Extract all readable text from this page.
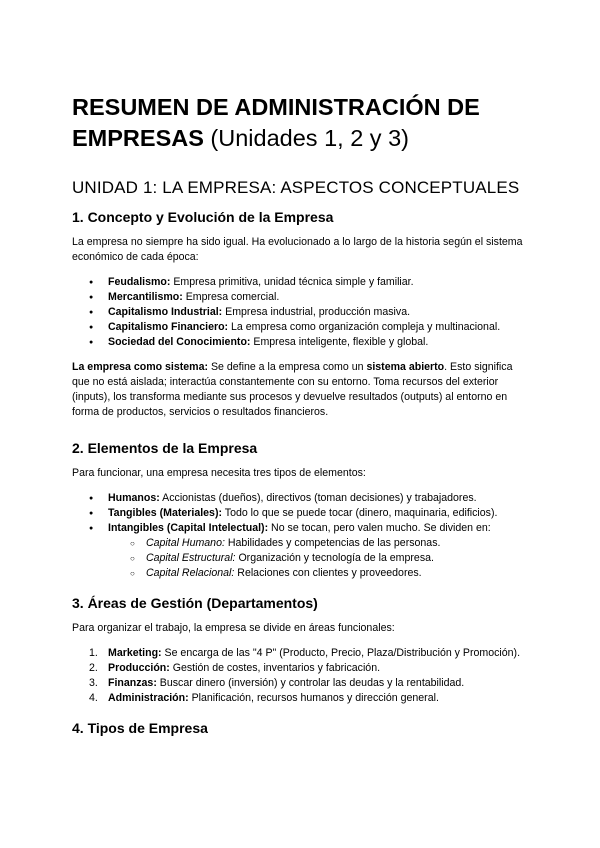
RESUMEN DE ADMINISTRACIÓN DE EMPRESAS (Unidades 1, 2 y 3)
UNIDAD 1: LA EMPRESA: ASPECTOS CONCEPTUALES
1. Concepto y Evolución de la Empresa

La empresa no siempre ha sido igual. Ha evolucionado a lo largo de la historia según el sistema económico de cada época:

● Feudalismo: Empresa primitiva, unidad técnica simple y familiar.
● Mercantilismo: Empresa comercial.
● Capitalismo Industrial: Empresa industrial, producción masiva.
● Capitalismo Financiero: La empresa como organización compleja y multinacional.
● Sociedad del Conocimiento: Empresa inteligente, flexible y global.

La empresa como sistema: Se define a la empresa como un sistema abierto. Esto significa que no está aislada; interactúa constantemente con su entorno. Toma recursos del exterior (inputs), los transforma mediante sus procesos y devuelve resultados (outputs) al entorno en forma de productos, servicios o resultados financieros.

2. Elementos de la Empresa

Para funcionar, una empresa necesita tres tipos de elementos:

● Humanos: Accionistas (dueños), directivos (toman decisiones) y trabajadores.
● Tangibles (Materiales): Todo lo que se puede tocar (dinero, maquinaria, edificios).
● Intangibles (Capital Intelectual): No se tocan, pero valen mucho. Se dividen en:
○ Capital Humano: Habilidades y competencias de las personas.
○ Capital Estructural: Organización y tecnología de la empresa.
○ Capital Relacional: Relaciones con clientes y proveedores.
3. Áreas de Gestión (Departamentos)

Para organizar el trabajo, la empresa se divide en áreas funcionales:

1. Marketing: Se encarga de las "4 P" (Producto, Precio, Plaza/Distribución y Promoción).
2. Producción: Gestión de costes, inventarios y fabricación.
3. Finanzas: Buscar dinero (inversión) y controlar las deudas y la rentabilidad.
4. Administración: Planificación, recursos humanos y dirección general.
4. Tipos de Empresa
